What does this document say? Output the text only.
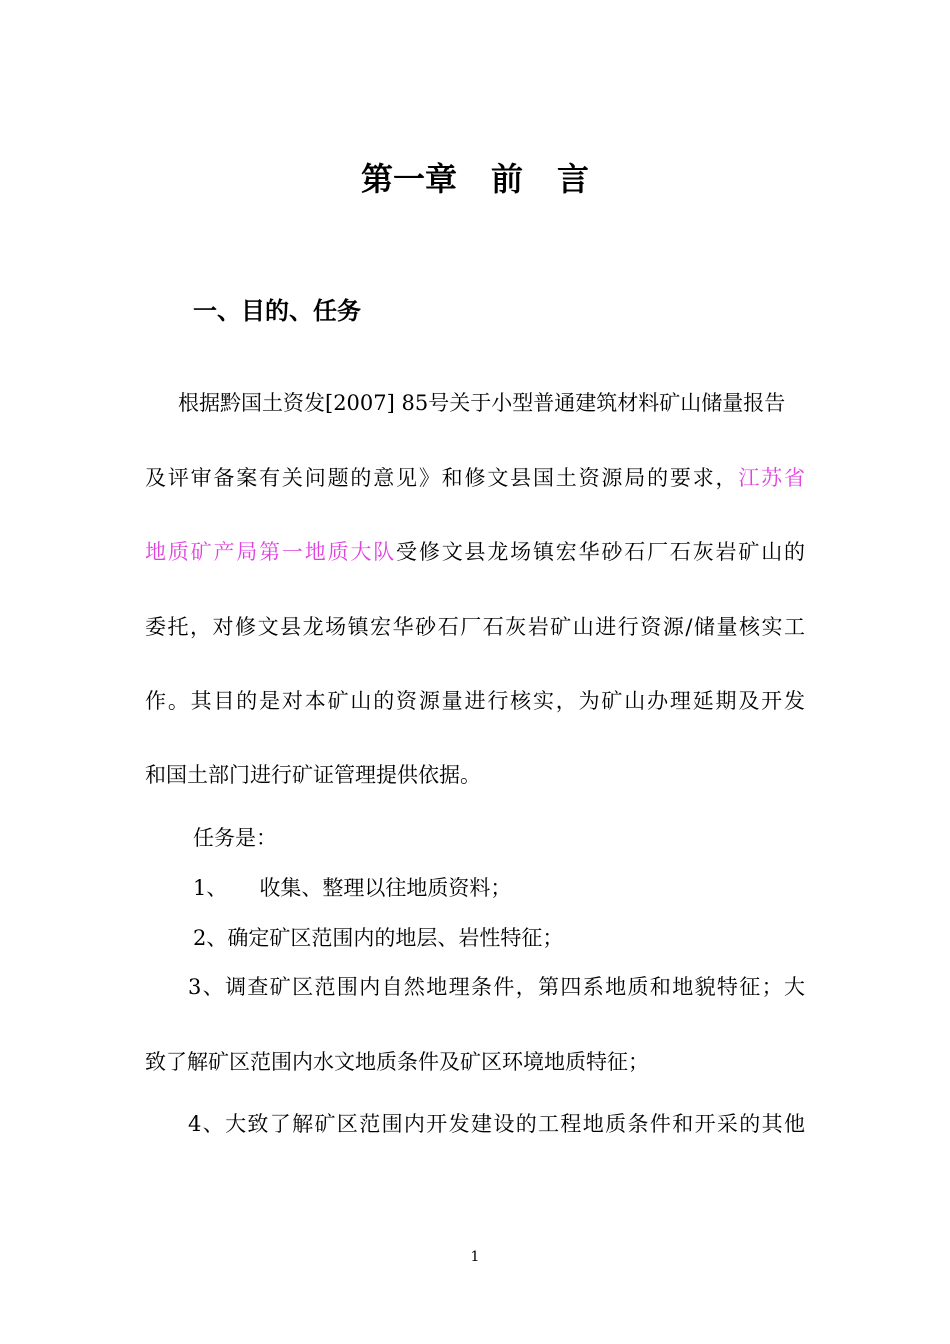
第一章 前 言
一、目的、任务
根据黔国土资发[2007] 85号关于小型普通建筑材料矿山储量报告
及评审备案有关问题的意见》和修文县国土资源局的要求，江苏省
地质矿产局第一地质大队受修文县龙场镇宏华砂石厂石灰岩矿山的
委托，对修文县龙场镇宏华砂石厂石灰岩矿山进行资源/储量核实工
作。其目的是对本矿山的资源量进行核实，为矿山办理延期及开发
和国土部门进行矿证管理提供依据。
任务是：
1、 收集、整理以往地质资料；
2、确定矿区范围内的地层、岩性特征；
3、调查矿区范围内自然地理条件，第四系地质和地貌特征；大
致了解矿区范围内水文地质条件及矿区环境地质特征；
4、大致了解矿区范围内开发建设的工程地质条件和开采的其他
1
